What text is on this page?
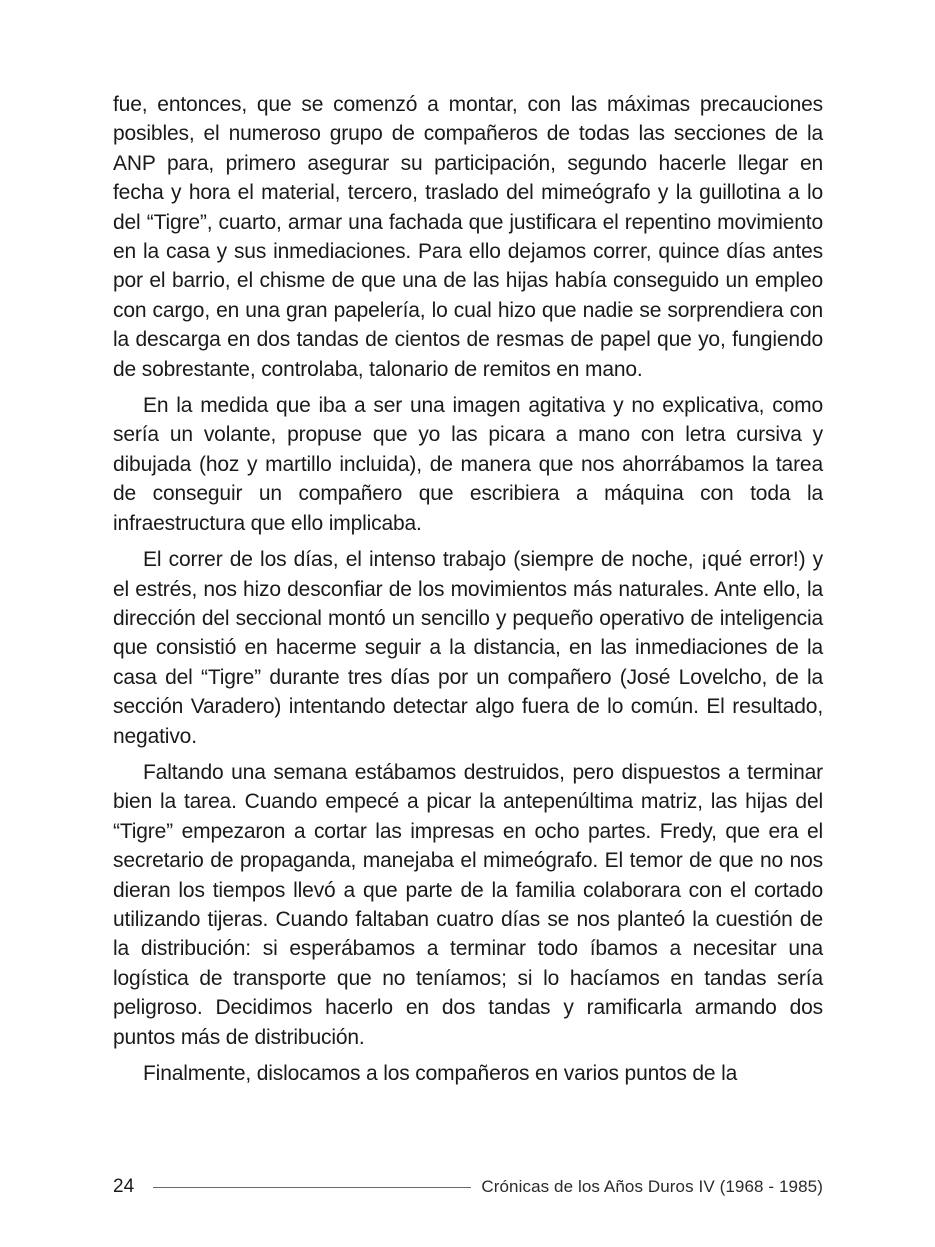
fue, entonces, que se comenzó a montar, con las máximas precauciones posibles, el numeroso grupo de compañeros de todas las secciones de la ANP para, primero asegurar su participación, segundo hacerle llegar en fecha y hora el material, tercero, traslado del mimeógrafo y la guillotina a lo del “Tigre”, cuarto, armar una fachada que justificara el repentino movimiento en la casa y sus inmediaciones. Para ello dejamos correr, quince días antes por el barrio, el chisme de que una de las hijas había conseguido un empleo con cargo, en una gran papelería, lo cual hizo que nadie se sorprendiera con la descarga en dos tandas de cientos de resmas de papel que yo, fungiendo de sobrestante, controlaba, talonario de remitos en mano.

En la medida que iba a ser una imagen agitativa y no explicativa, como sería un volante, propuse que yo las picara a mano con letra cursiva y dibujada (hoz y martillo incluida), de manera que nos ahorrábamos la tarea de conseguir un compañero que escribiera a máquina con toda la infraestructura que ello implicaba.

El correr de los días, el intenso trabajo (siempre de noche, ¡qué error!) y el estrés, nos hizo desconfiar de los movimientos más naturales. Ante ello, la dirección del seccional montó un sencillo y pequeño operativo de inteligencia que consistió en hacerme seguir a la distancia, en las inmediaciones de la casa del “Tigre” durante tres días por un compañero (José Lovelcho, de la sección Varadero) intentando detectar algo fuera de lo común. El resultado, negativo.

Faltando una semana estábamos destruidos, pero dispuestos a terminar bien la tarea. Cuando empecé a picar la antepenúltima matriz, las hijas del “Tigre” empezaron a cortar las impresas en ocho partes. Fredy, que era el secretario de propaganda, manejaba el mimeógrafo. El temor de que no nos dieran los tiempos llevó a que parte de la familia colaborara con el cortado utilizando tijeras. Cuando faltaban cuatro días se nos planteó la cuestión de la distribución: si esperábamos a terminar todo íbamos a necesitar una logística de transporte que no teníamos; si lo hacíamos en tandas sería peligroso. Decidimos hacerlo en dos tandas y ramificarla armando dos puntos más de distribución.

Finalmente, dislocamos a los compañeros en varios puntos de la

24	Crónicas de los Años Duros IV (1968 - 1985)
